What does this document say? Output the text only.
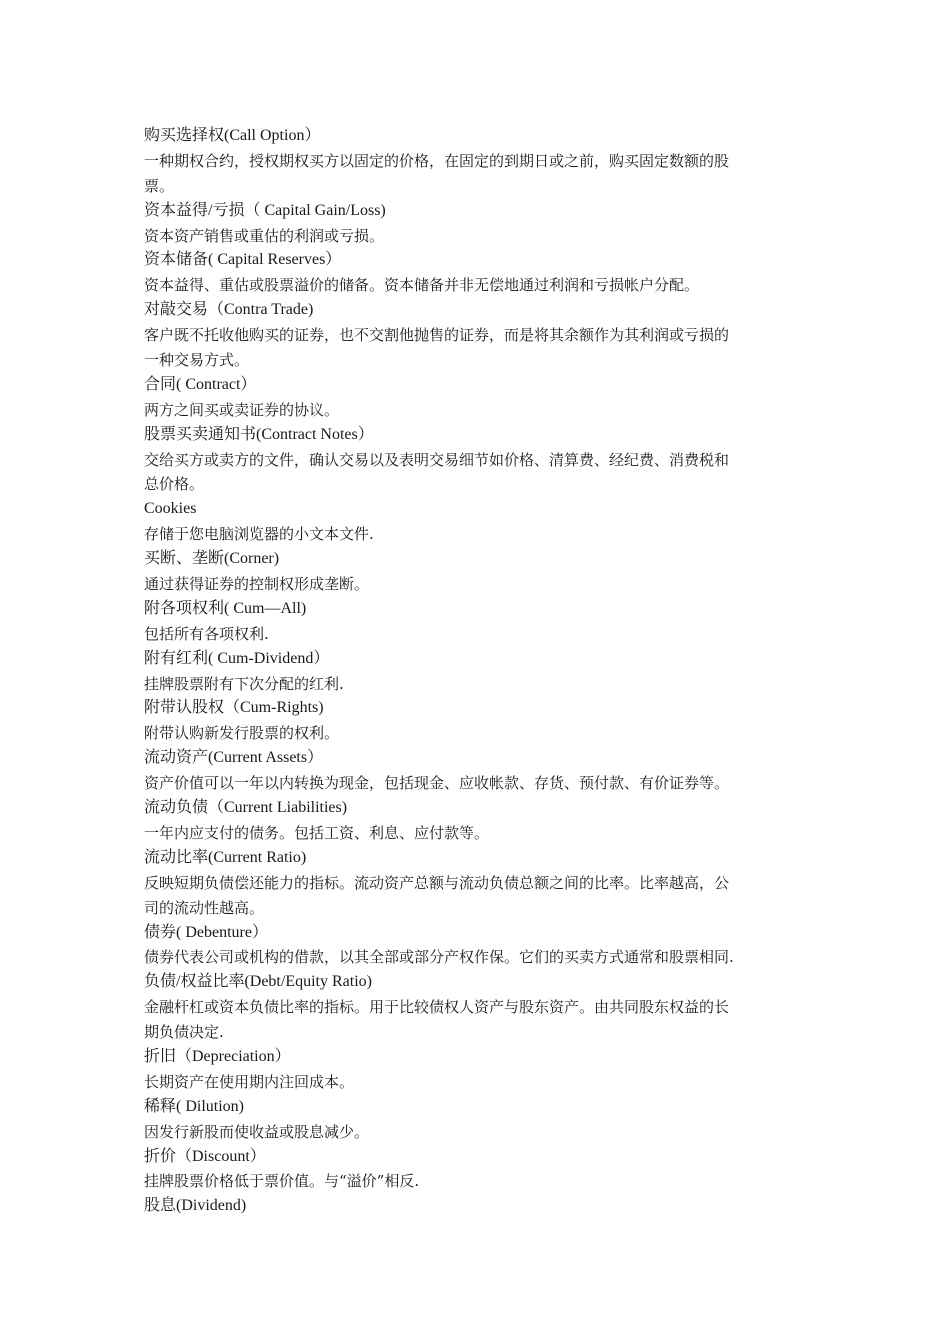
购买选择权(Call Option）
一种期权合约，授权期权买方以固定的价格，在固定的到期日或之前，购买固定数额的股
票。
资本益得/亏损（ Capital Gain/Loss)
资本资产销售或重估的利润或亏损。
资本储备( Capital Reserves）
资本益得、重估或股票溢价的储备。资本储备并非无偿地通过利润和亏损帐户分配。
对敲交易（Contra Trade)
客户既不托收他购买的证券，也不交割他抛售的证券，而是将其余额作为其利润或亏损的
一种交易方式。
合同( Contract）
两方之间买或卖证券的协议。
股票买卖通知书(Contract Notes）
交给买方或卖方的文件，确认交易以及表明交易细节如价格、清算费、经纪费、消费税和
总价格。
Cookies
存储于您电脑浏览器的小文本文件.
买断、垄断(Corner)
通过获得证券的控制权形成垄断。
附各项权利( Cum—All)
包括所有各项权利.
附有红利( Cum-Dividend）
挂牌股票附有下次分配的红利.
附带认股权（Cum-Rights)
附带认购新发行股票的权利。
流动资产(Current Assets）
资产价值可以一年以内转换为现金，包括现金、应收帐款、存货、预付款、有价证券等。
流动负债（Current Liabilities)
一年内应支付的债务。包括工资、利息、应付款等。
流动比率(Current Ratio)
反映短期负债偿还能力的指标。流动资产总额与流动负债总额之间的比率。比率越高，公
司的流动性越高。
债券( Debenture）
债券代表公司或机构的借款，以其全部或部分产权作保。它们的买卖方式通常和股票相同.
负债/权益比率(Debt/Equity Ratio)
金融杆杠或资本负债比率的指标。用于比较债权人资产与股东资产。由共同股东权益的长
期负债决定.
折旧（Depreciation）
长期资产在使用期内注回成本。
稀释( Dilution)
因发行新股而使收益或股息减少。
折价（Discount）
挂牌股票价格低于票价值。与“溢价”相反.
股息(Dividend)
